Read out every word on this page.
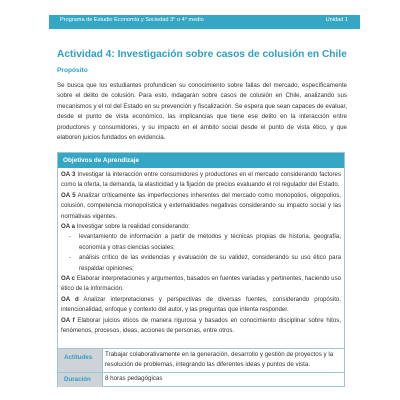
Programa de Estudio Economía y Sociedad 3° o 4° medio	Unidad 1
Actividad 4: Investigación sobre casos de colusión en Chile
Propósito

Se busca que los estudiantes profundicen su conocimiento sobre fallas del mercado, específicamente sobre el delito de colusión. Para esto, indagarán sobre casos de colusión en Chile, analizando sus mecanismos y el rol del Estado en su prevención y fiscalización. Se espera que sean capaces de evaluar, desde el punto de vista económico, las implicancias que tiene ese delito en la interacción entre productores y consumidores, y su impacto en el ámbito social desde el punto de vista ético, y que elaboren juicios fundados en evidencia.

Objetivos de Aprendizaje

OA 3 Investigar la interacción entre consumidores y productores en el mercado considerando factores como la oferta, la demanda, la elasticidad y la fijación de precios evaluando el rol regulador del Estado.

OA 5 Analizar críticamente las imperfecciones inherentes del mercado como monopolios, oligopolios, colusión, competencia monopolística y externalidades negativas considerando su impacto social y las normativas vigentes.

OA a Investigar sobre la realidad considerando:

- levantamiento de información a partir de métodos y técnicas propias de historia, geografía, economía y otras ciencias sociales;

- análisis crítico de las evidencias y evaluación de su validez, considerando su uso ético para respaldar opiniones;

OA c Elaborar interpretaciones y argumentos, basados en fuentes variadas y pertinentes, haciendo uso ético de la información.

OA d Analizar interpretaciones y perspectivas de diversas fuentes, considerando propósito, intencionalidad, enfoque y contexto del autor, y las preguntas que intenta responder.

OA f Elaborar juicios éticos de manera rigurosa y basados en conocimiento disciplinar sobre hitos, fenómenos, procesos, ideas, acciones de personas, entre otros.

Actitudes Trabajar colaborativamente en la generación, desarrollo y gestión de proyectos y la resolución de problemas, integrando las diferentes ideas y puntos de vista.
Duración 8 horas pedagógicas
